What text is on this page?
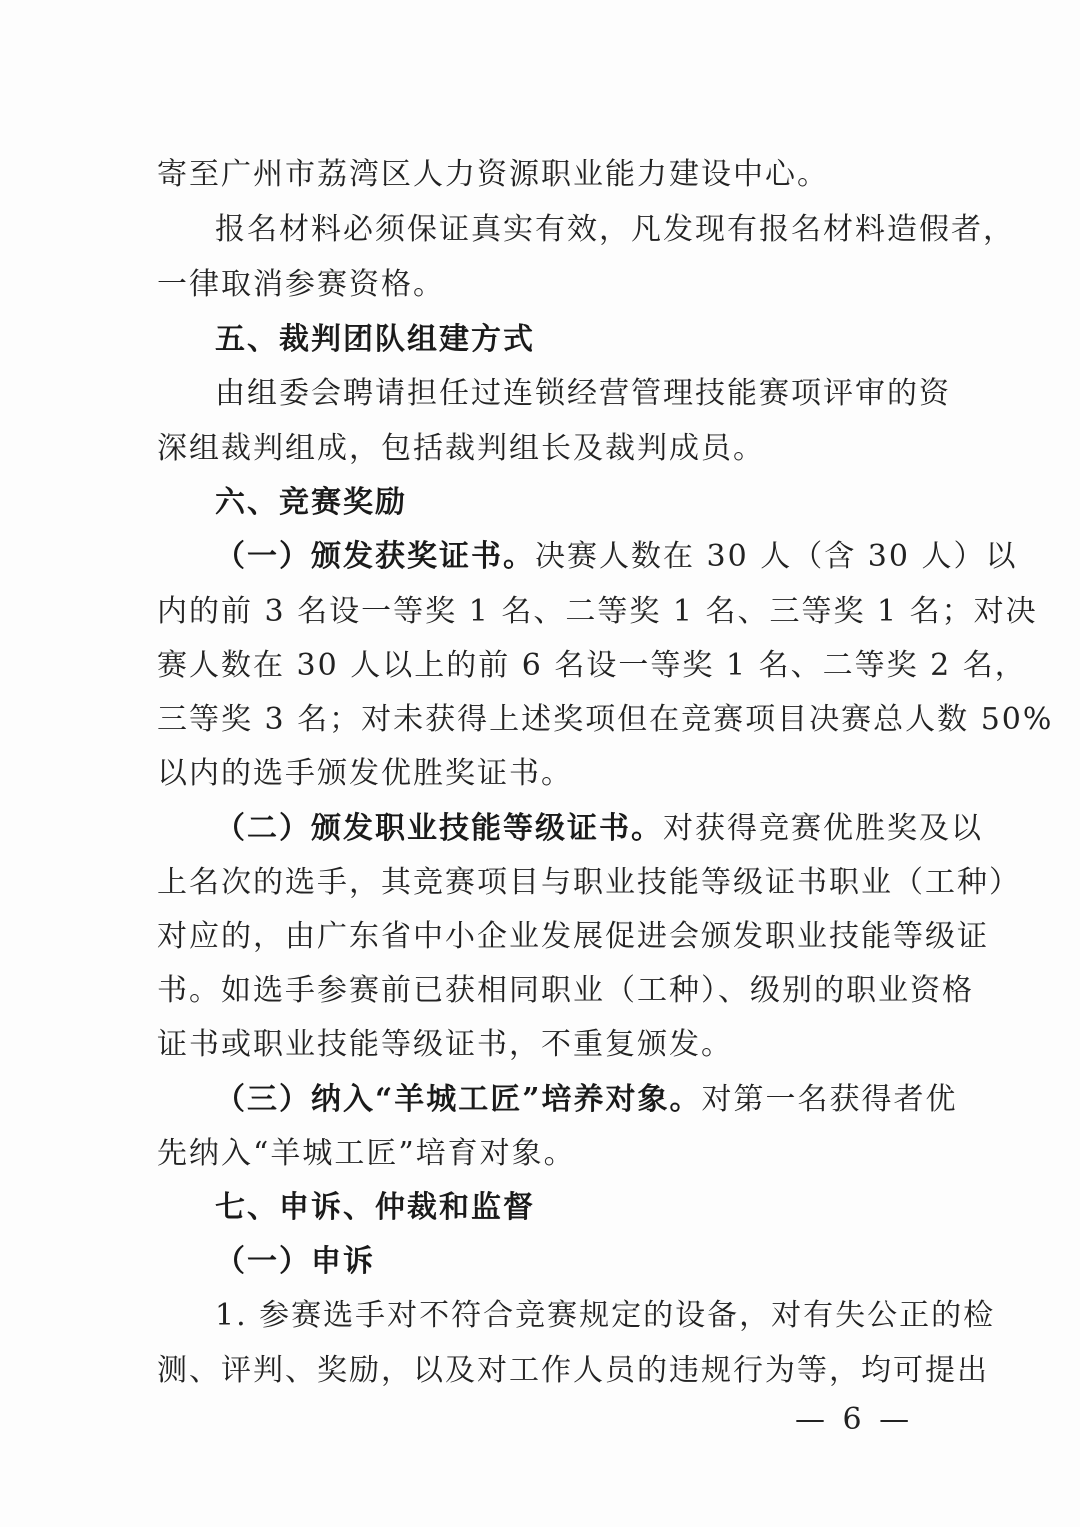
寄至广州市荔湾区人力资源职业能力建设中心。
报名材料必须保证真实有效，凡发现有报名材料造假者，
一律取消参赛资格。
五、裁判团队组建方式
由组委会聘请担任过连锁经营管理技能赛项评审的资
深组裁判组成，包括裁判组长及裁判成员。
六、竞赛奖励
（一）颁发获奖证书。决赛人数在 30 人（含 30 人）以
内的前 3 名设一等奖 1 名、二等奖 1 名、三等奖 1 名；对决
赛人数在 30 人以上的前 6 名设一等奖 1 名、二等奖 2 名，
三等奖 3 名；对未获得上述奖项但在竞赛项目决赛总人数 50%
以内的选手颁发优胜奖证书。
（二）颁发职业技能等级证书。对获得竞赛优胜奖及以
上名次的选手，其竞赛项目与职业技能等级证书职业（工种）
对应的，由广东省中小企业发展促进会颁发职业技能等级证
书。如选手参赛前已获相同职业（工种）、级别的职业资格
证书或职业技能等级证书，不重复颁发。
（三）纳入“羊城工匠”培养对象。对第一名获得者优
先纳入“羊城工匠”培育对象。
七、申诉、仲裁和监督
（一）申诉
1. 参赛选手对不符合竞赛规定的设备，对有失公正的检
测、评判、奖励，以及对工作人员的违规行为等，均可提出
— 6 —
